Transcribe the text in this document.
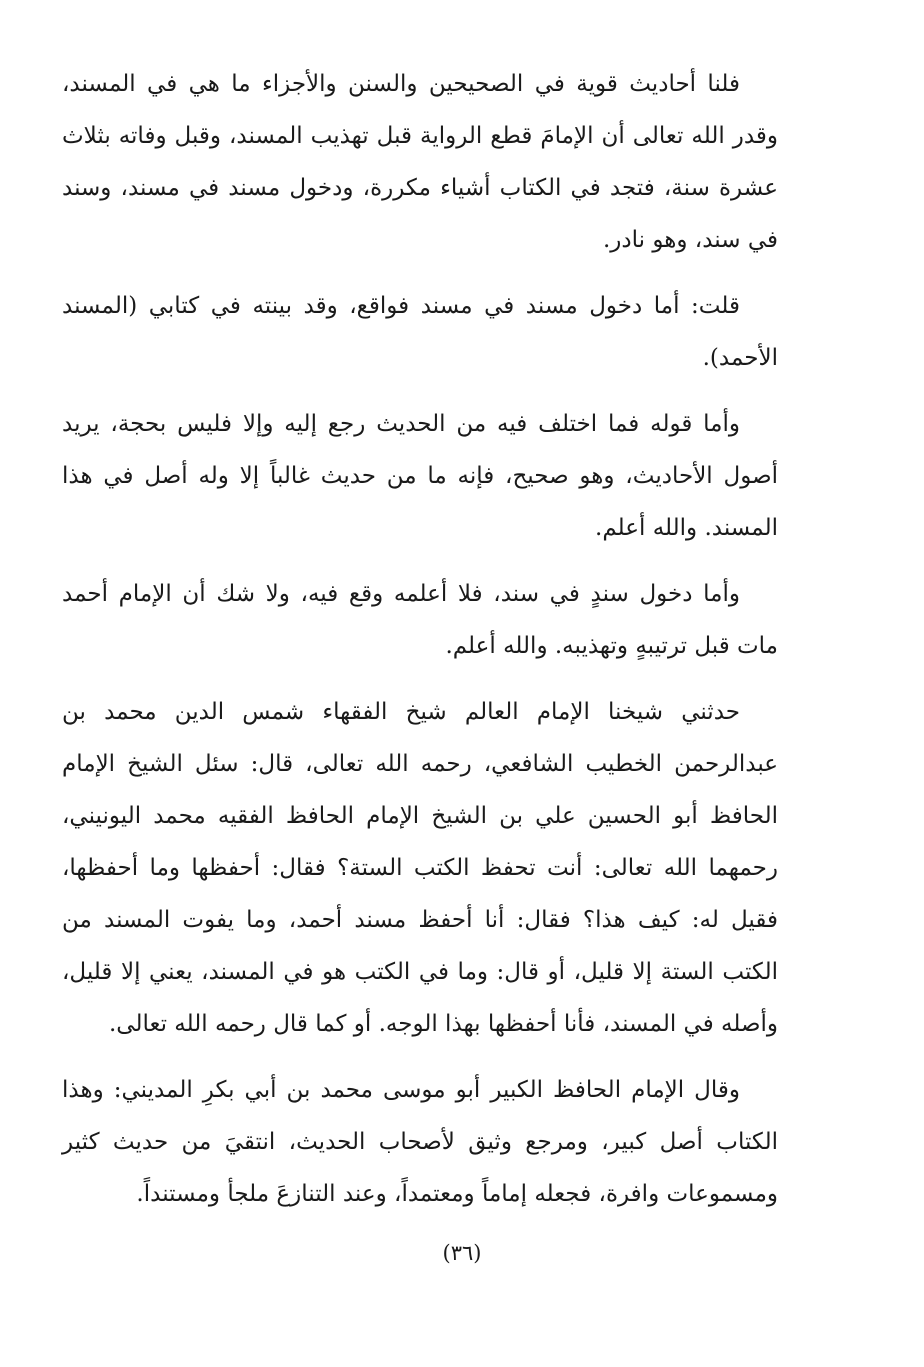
فلنا أحاديث قوية في الصحيحين والسنن والأجزاء ما هي في المسند، وقدر الله تعالى أن الإمامَ قطع الرواية قبل تهذيب المسند، وقبل وفاته بثلاث عشرة سنة، فتجد في الكتاب أشياء مكررة، ودخول مسند في مسند، وسند في سند، وهو نادر.

قلت: أما دخول مسند في مسند فواقع، وقد بينته في كتابي (المسند الأحمد).

وأما قوله فما اختلف فيه من الحديث رجع إليه وإلا فليس بحجة، يريد أصول الأحاديث، وهو صحيح، فإنه ما من حديث غالباً إلا وله أصل في هذا المسند. والله أعلم.

وأما دخول سندٍ في سند، فلا أعلمه وقع فيه، ولا شك أن الإمام أحمد مات قبل ترتيبهٍ وتهذيبه. والله أعلم.

حدثني شيخنا الإمام العالم شيخ الفقهاء شمس الدين محمد بن عبدالرحمن الخطيب الشافعي، رحمه الله تعالى، قال: سئل الشيخ الإمام الحافظ أبو الحسين علي بن الشيخ الإمام الحافظ الفقيه محمد اليونيني، رحمهما الله تعالى: أنت تحفظ الكتب الستة؟ فقال: أحفظها وما أحفظها، فقيل له: كيف هذا؟ فقال: أنا أحفظ مسند أحمد، وما يفوت المسند من الكتب الستة إلا قليل، أو قال: وما في الكتب هو في المسند، يعني إلا قليل، وأصله في المسند، فأنا أحفظها بهذا الوجه. أو كما قال رحمه الله تعالى.

وقال الإمام الحافظ الكبير أبو موسى محمد بن أبي بكرِ المديني: وهذا الكتاب أصل كبير، ومرجع وثيق لأصحاب الحديث، انتقيَ من حديث كثير ومسموعات وافرة، فجعله إماماً ومعتمداً، وعند التنازعَ ملجأ ومستنداً.

(٣٦)
